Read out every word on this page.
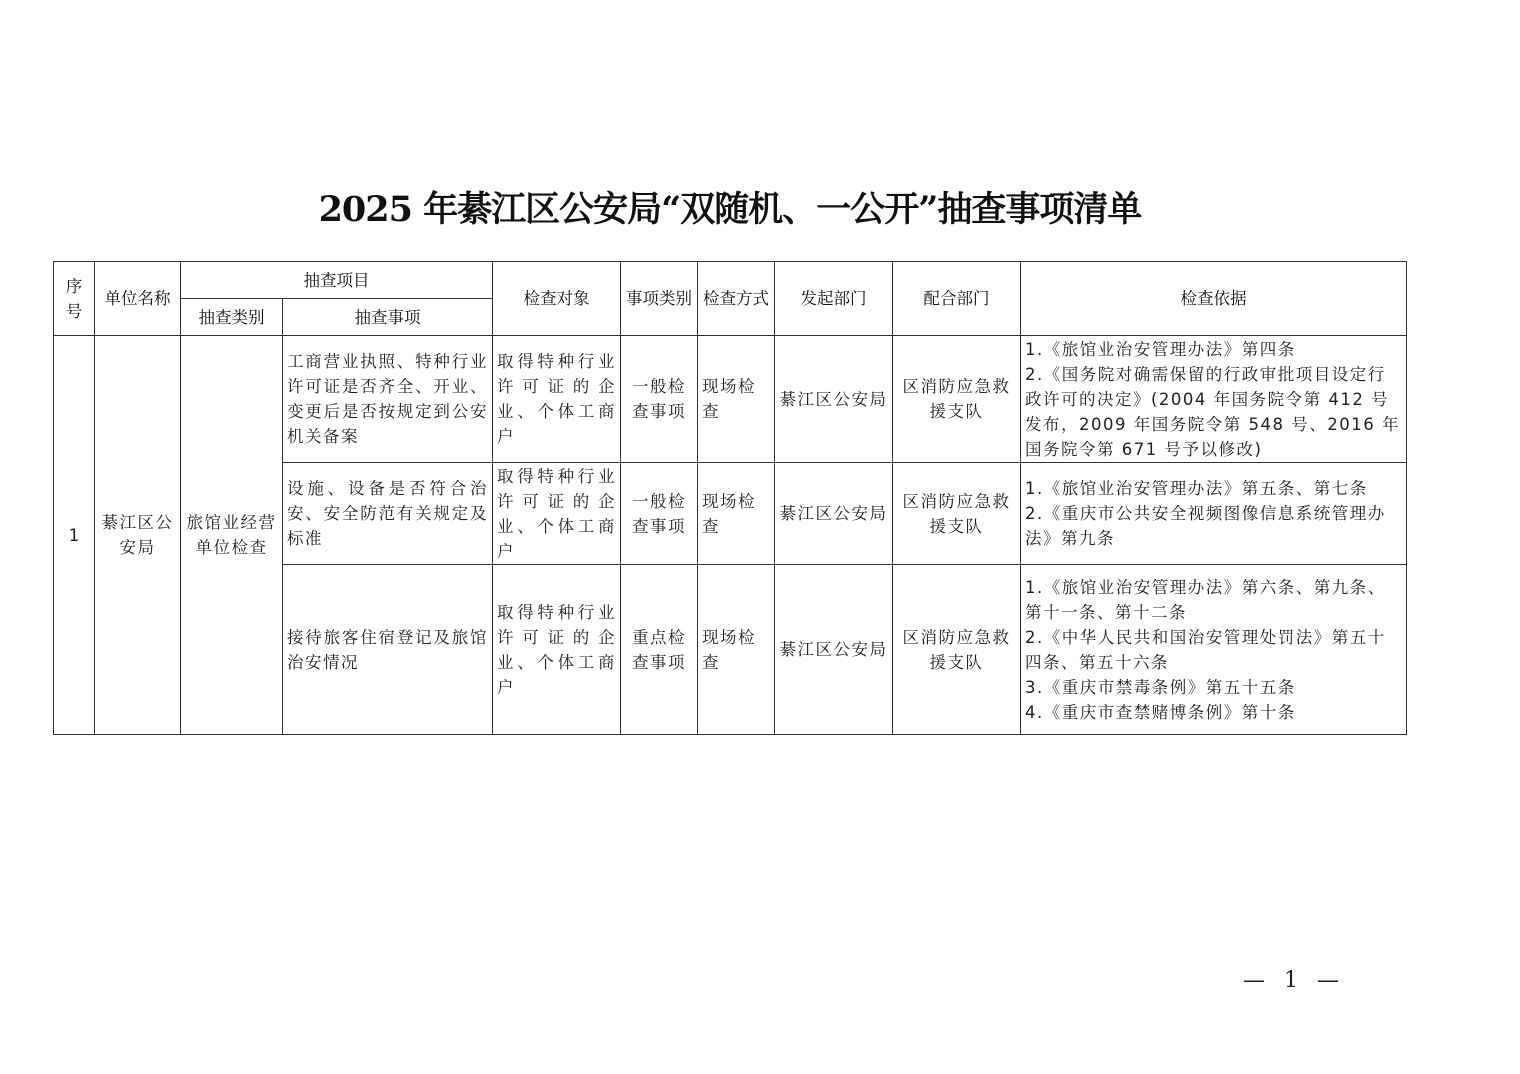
2025 年綦江区公安局“双随机、一公开”抽查事项清单
序号	单位名称	抽查项目		检查对象	事项类别	检查方式	发起部门	配合部门	检查依据
		抽查类别	抽查事项						
1	綦江区公安局	旅馆业经营单位检查	工商营业执照、特种行业许可证是否齐全、开业、变更后是否按规定到公安机关备案	取得特种行业许可证的企业、个体工商户	一般检查事项	现场检查	綦江区公安局	区消防应急救援支队	1.《旅馆业治安管理办法》第四条
2.《国务院对确需保留的行政审批项目设定行政许可的决定》(2004 年国务院令第 412 号发布，2009 年国务院令第 548 号、2016 年国务院令第 671 号予以修改)

			设施、设备是否符合治安、安全防范有关规定及标准	取得特种行业许可证的企业、个体工商户	一般检查事项	现场检查	綦江区公安局	区消防应急救援支队	1.《旅馆业治安管理办法》第五条、第七条
2.《重庆市公共安全视频图像信息系统管理办法》第九条

			接待旅客住宿登记及旅馆治安情况	取得特种行业许可证的企业、个体工商户	重点检查事项	现场检查	綦江区公安局	区消防应急救援支队	1.《旅馆业治安管理办法》第六条、第九条、第十一条、第十二条
2.《中华人民共和国治安管理处罚法》第五十四条、第五十六条
3.《重庆市禁毒条例》第五十五条
4.《重庆市查禁赌博条例》第十条
— 1 —
